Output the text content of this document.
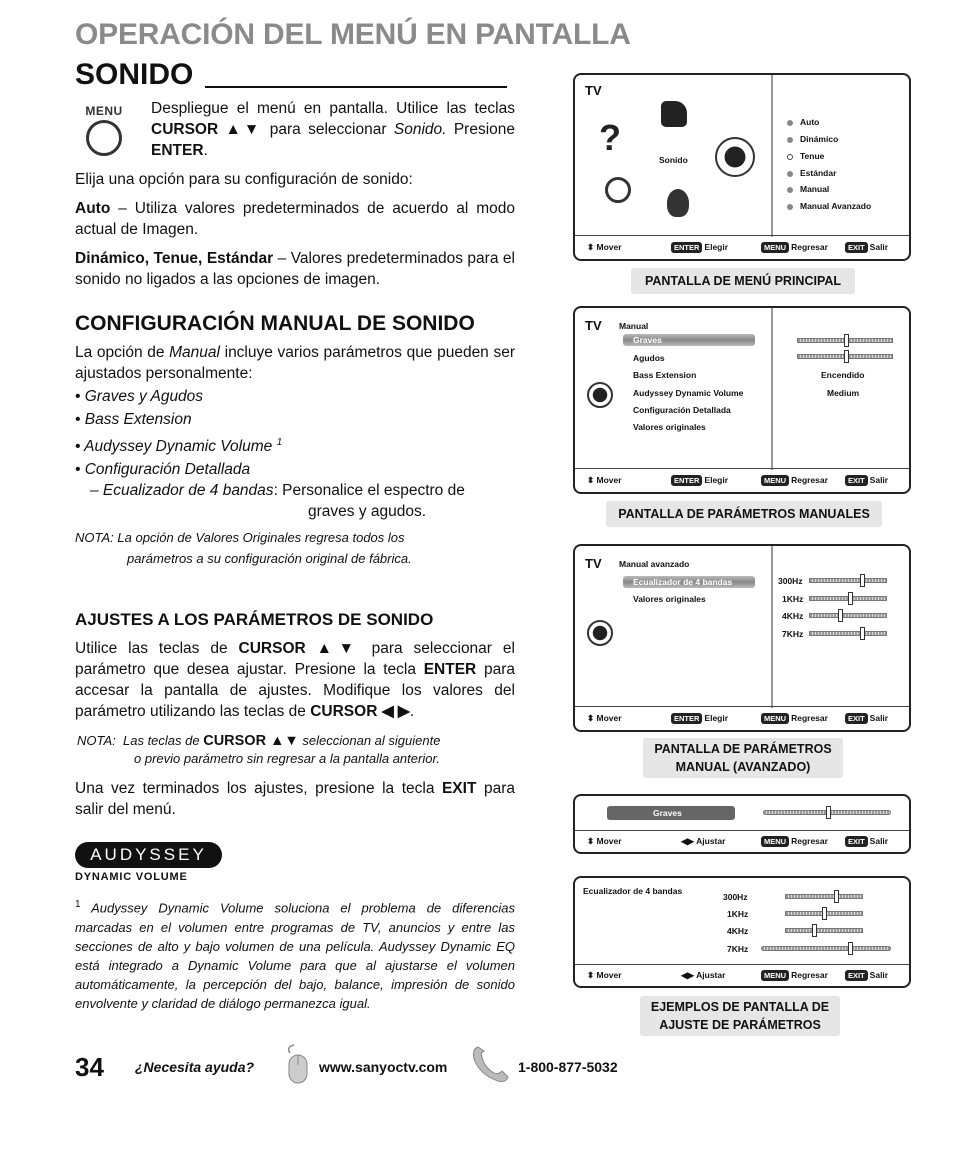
OPERACIÓN DEL MENÚ EN PANTALLA
SONIDO
MENU	Despliegue el menú en pantalla. Utilice las teclas CURSOR ▲▼ para seleccionar Sonido. Presione ENTER.
Elija una opción para su configuración de sonido:
Auto – Utiliza valores predeterminados de acuerdo al modo actual de Imagen.
Dinámico, Tenue, Estándar – Valores predeterminados para el sonido no ligados a las opciones de imagen.
CONFIGURACIÓN MANUAL DE SONIDO
La opción de Manual incluye varios parámetros que pueden ser ajustados personalmente:
• Graves y Agudos
• Bass Extension
• Audyssey Dynamic Volume $^1$
• Configuración Detallada
– Ecualizador de 4 bandas: Personalice el espectro de
graves y agudos.
NOTA: La opción de Valores Originales regresa todos los
parámetros a su configuración original de fábrica.
AJUSTES A LOS PARÁMETROS DE SONIDO
Utilice las teclas de CURSOR ▲▼ para seleccionar el parámetro que desea ajustar. Presione la tecla ENTER para accesar la pantalla de ajustes. Modifique los valores del parámetro utilizando las teclas de CURSOR ◀ ▶.
NOTA: Las teclas de CURSOR ▲▼ seleccionan al siguiente
o previo parámetro sin regresar a la pantalla anterior.
Una vez terminados los ajustes, presione la tecla EXIT para salir del menú.
AUDYSSEY
DYNAMIC VOLUME
$^1$ Audyssey Dynamic Volume soluciona el problema de diferencias marcadas en el volumen entre programas de TV, anuncios y entre las secciones de alto y bajo volumen de una película. Audyssey Dynamic EQ está integrado a Dynamic Volume para que al ajustarse el volumen automáticamente, la percepción del bajo, balance, impresión de sonido envolvente y claridad de diálogo permanezca igual.
34 ¿Necesita ayuda?	www.sanyoctv.com	1-800-877-5032
TV
?
Sonido
Auto
Dinámico
Tenue
Estándar
Manual
Manual Avanzado
⬍ Mover	ENTER Elegir	MENU Regresar	EXIT Salir
PANTALLA DE MENÚ PRINCIPAL
TV Manual
Graves
Agudos
Bass Extension
Audyssey Dynamic Volume
Configuración Detallada
Valores originales
Encendido
Medium
⬍ Mover	ENTER Elegir	MENU Regresar	EXIT Salir
PANTALLA DE PARÁMETROS MANUALES
TV Manual avanzado
Ecualizador de 4 bandas
Valores originales
300Hz
1KHz
4KHz
7KHz
⬍ Mover	ENTER Elegir	MENU Regresar	EXIT Salir
PANTALLA DE PARÁMETROS
MANUAL (AVANZADO)
Graves
⬍ Mover	◀▶ Ajustar	MENU Regresar	EXIT Salir
Ecualizador de 4 bandas
300Hz
1KHz
4KHz
7KHz
⬍ Mover	◀▶ Ajustar	MENU Regresar	EXIT Salir
EJEMPLOS DE PANTALLA DE
AJUSTE DE PARÁMETROS
